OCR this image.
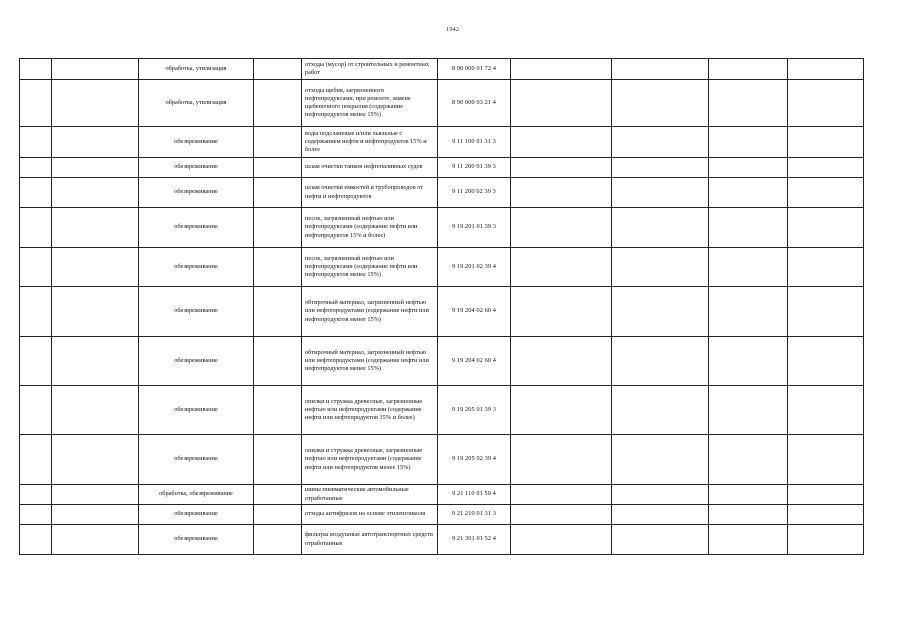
1942
		обработка, утилизация		отходы (мусор) от строительных и ремонтных работ	8 90 000 01 72 4				
		обработка, утилизация		отходы щебня, загрязненного нефтепродуктами, при ремонте, замене щебеночного покрытия (содержание нефтепродуктов менее 15%)	8 90 000 03 21 4				
		обезвреживание		воды подсланевые и/или льяльные с содержанием нефти и нефтепродуктов 15% и более	9 11 100 01 31 3				
		обезвреживание		шлам очистки танков нефтеналивных судов	9 11 200 01 39 3				
		обезвреживание		шлам очистки емкостей и трубопроводов от нефти и нефтепродуктов	9 11 200 02 39 3				
		обезвреживание		песок, загрязненный нефтью или нефтепродуктами (содержание нефти или нефтепродуктов 15% и более)	9 19 201 01 39 3				
		обезвреживание		песок, загрязненный нефтью или нефтепродуктами (содержание нефти или нефтепродуктов менее 15%)	9 19 201 02 39 4				
		обезвреживание		обтирочный материал, загрязненный нефтью или нефтепродуктами (содержание нефти или нефтепродуктов менее 15%)	9 19 204 02 60 4				
		обезвреживание		обтирочный материал, загрязненный нефтью или нефтепродуктами (содержание нефти или нефтепродуктов менее 15%)	9 19 204 02 60 4				
		обезвреживание		опилки и стружка древесные, загрязненные нефтью или нефтепродуктами (содержание нефти или нефтепродуктов 15% и более)	9 19 205 01 39 3				
		обезвреживание		опилки и стружка древесные, загрязненные нефтью или нефтепродуктами (содержание нефти или нефтепродуктов менее 15%)	9 19 205 02 39 4				
		обработка, обезвреживание		шины пневматические автомобильные отработанные	9 21 110 01 50 4				
		обезвреживание		отходы антифризов на основе этиленгликоля	9 21 210 01 31 3				
		обезвреживание		фильтры воздушные автотранспортных средств отработанные	9 21 301 01 52 4				
